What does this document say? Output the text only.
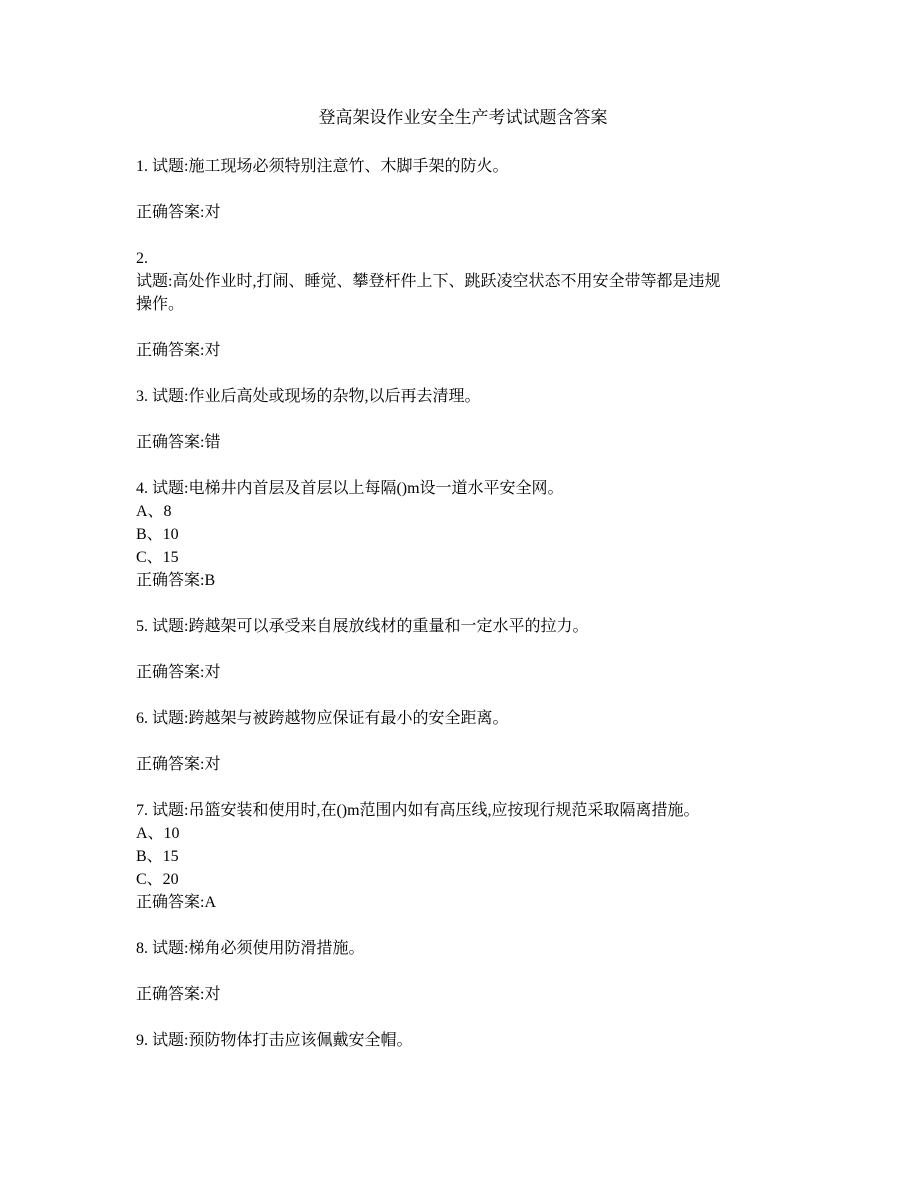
登高架设作业安全生产考试试题含答案
1. 试题:施工现场必须特别注意竹、木脚手架的防火。
正确答案:对
2.
试题:高处作业时,打闹、睡觉、攀登杆件上下、跳跃凌空状态不用安全带等都是违规
操作。
正确答案:对
3. 试题:作业后高处或现场的杂物,以后再去清理。
正确答案:错
4. 试题:电梯井内首层及首层以上每隔()m设一道水平安全网。
A、8
B、10
C、15
正确答案:B
5. 试题:跨越架可以承受来自展放线材的重量和一定水平的拉力。
正确答案:对
6. 试题:跨越架与被跨越物应保证有最小的安全距离。
正确答案:对
7. 试题:吊篮安装和使用时,在()m范围内如有高压线,应按现行规范采取隔离措施。
A、10
B、15
C、20
正确答案:A
8. 试题:梯角必须使用防滑措施。
正确答案:对
9. 试题:预防物体打击应该佩戴安全帽。
